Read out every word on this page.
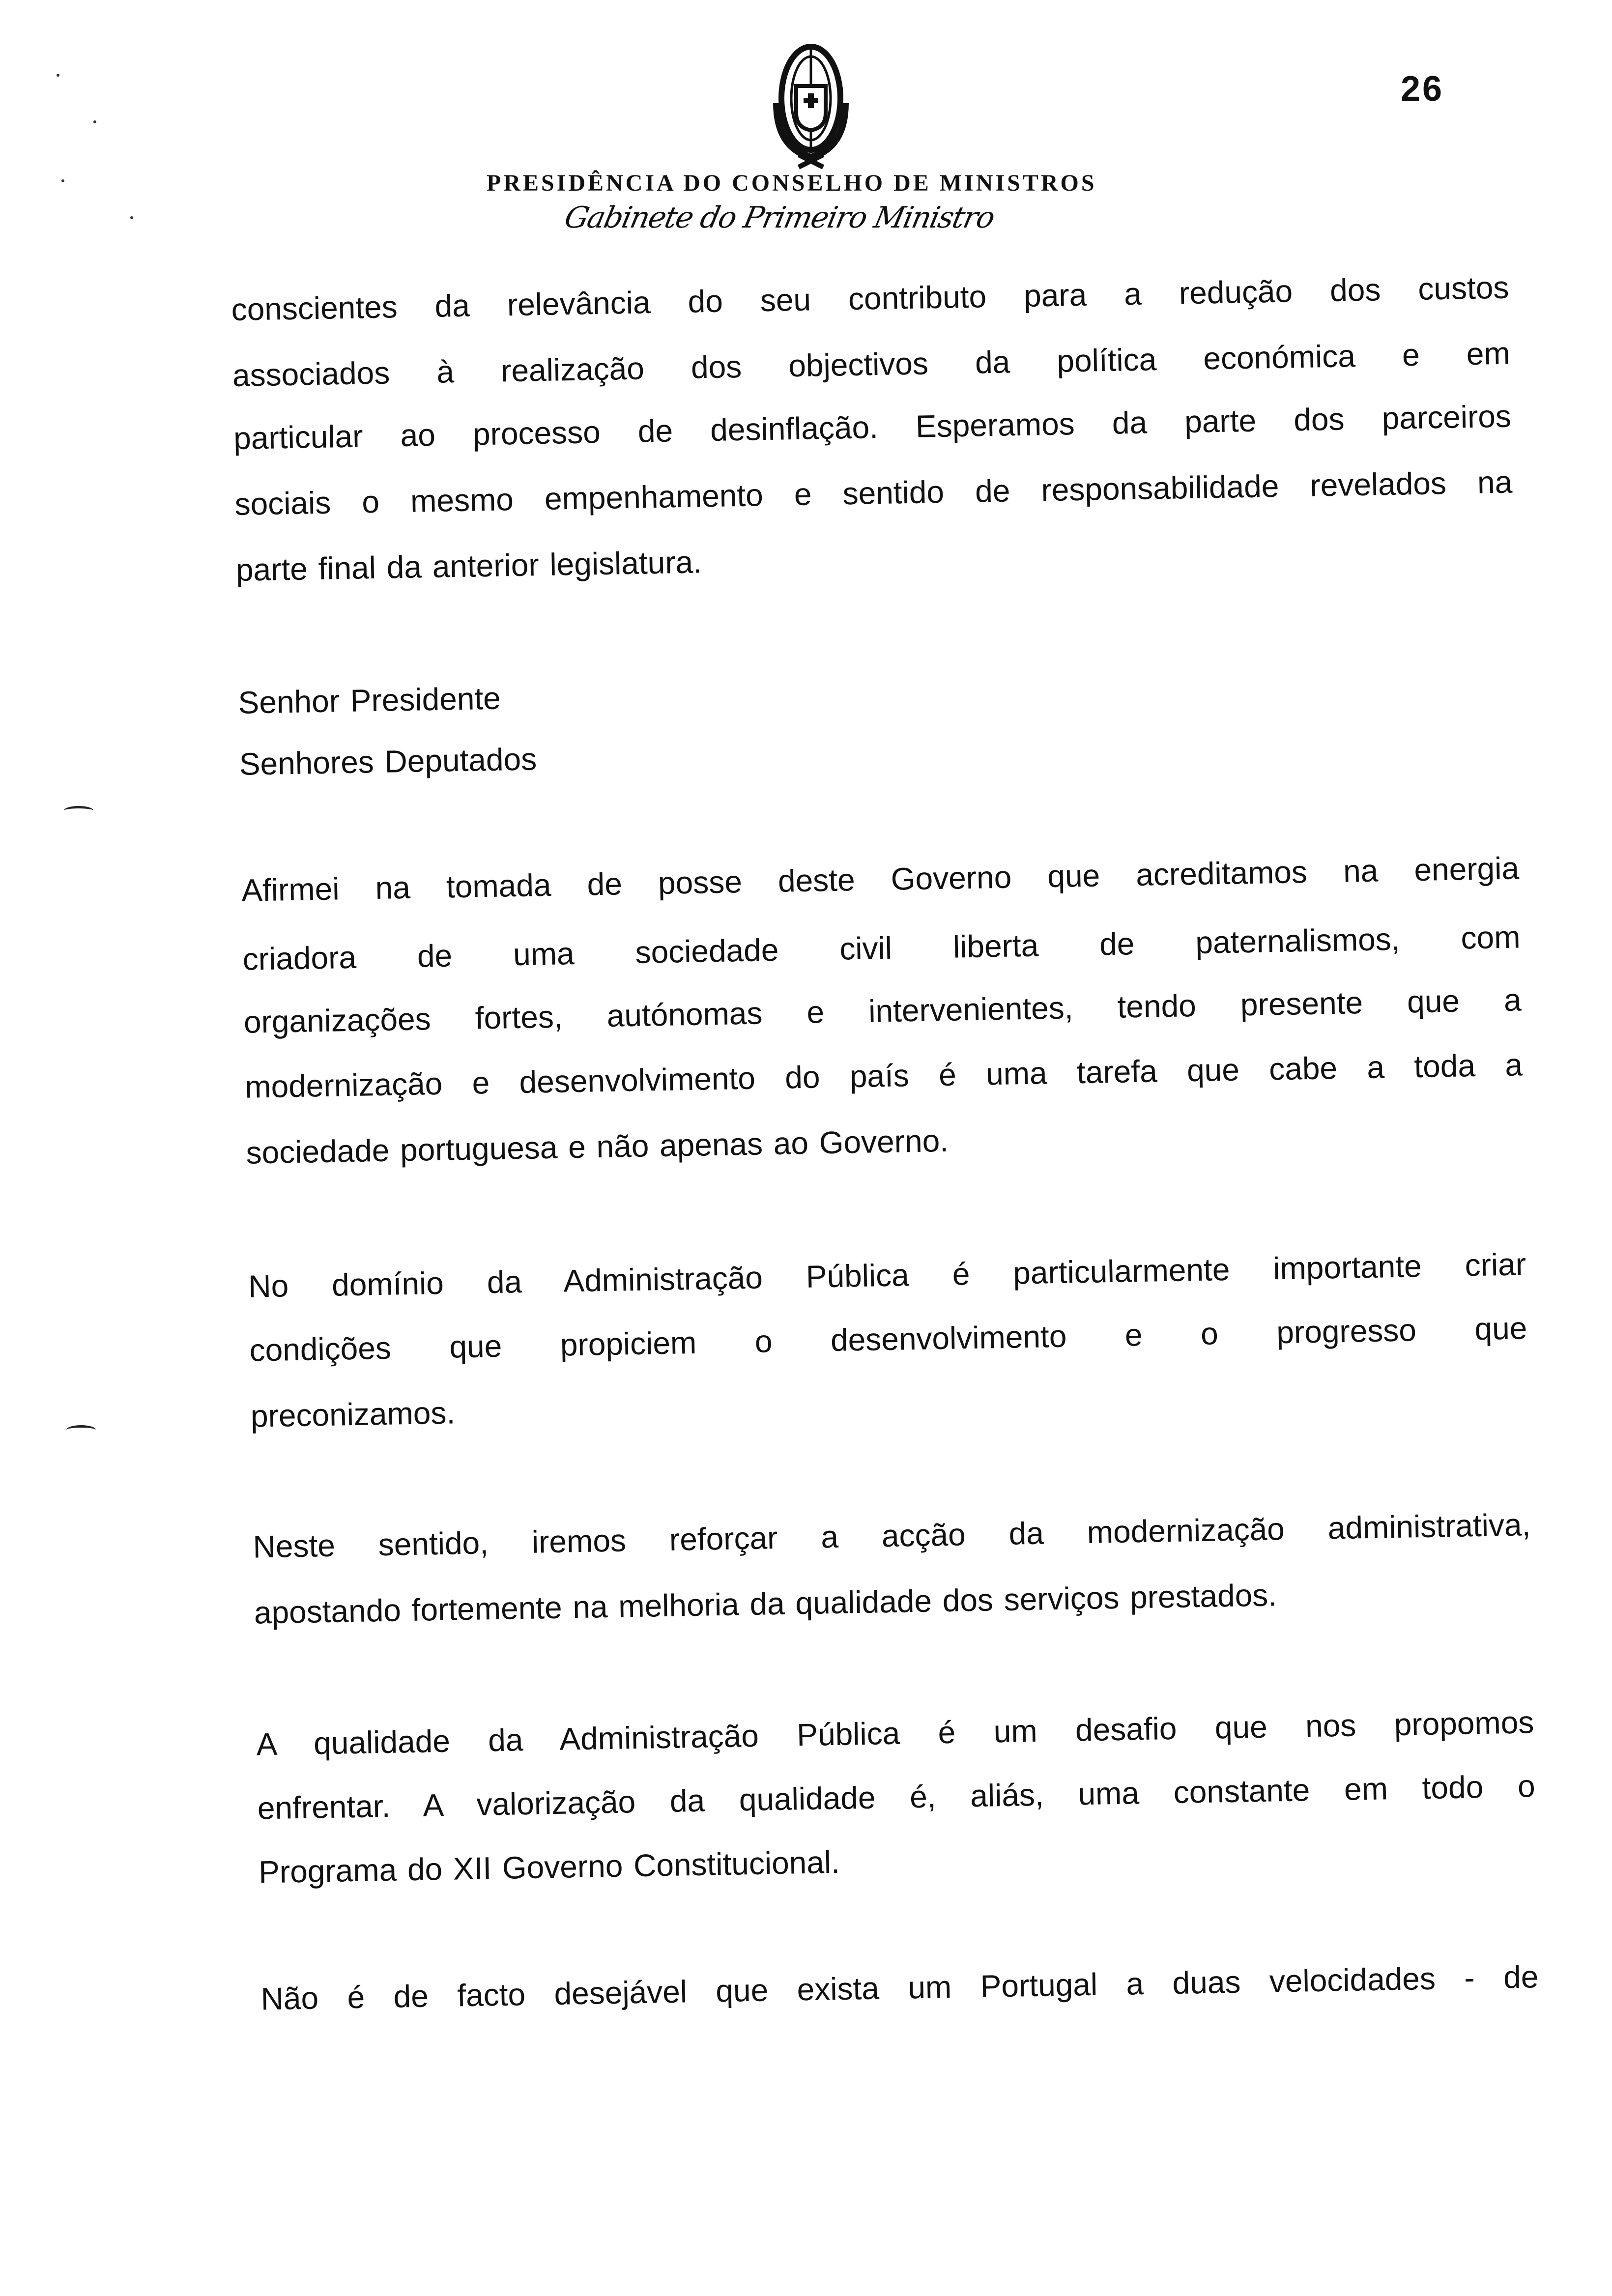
26
PRESIDÊNCIA DO CONSELHO DE MINISTROS
Gabinete do Primeiro Ministro
conscientes da relevância do seu contributo para a redução dos custos
associados à realização dos objectivos da política económica e em
particular ao processo de desinflação. Esperamos da parte dos parceiros
sociais o mesmo empenhamento e sentido de responsabilidade revelados na
parte final da anterior legislatura.
Senhor Presidente
Senhores Deputados
Afirmei na tomada de posse deste Governo que acreditamos na energia
criadora de uma sociedade civil liberta de paternalismos, com
organizações fortes, autónomas e intervenientes, tendo presente que a
modernização e desenvolvimento do país é uma tarefa que cabe a toda a
sociedade portuguesa e não apenas ao Governo.
No domínio da Administração Pública é particularmente importante criar
condições que propiciem o desenvolvimento e o progresso que
preconizamos.
Neste sentido, iremos reforçar a acção da modernização administrativa,
apostando fortemente na melhoria da qualidade dos serviços prestados.
A qualidade da Administração Pública é um desafio que nos propomos
enfrentar. A valorização da qualidade é, aliás, uma constante em todo o
Programa do XII Governo Constitucional.
Não é de facto desejável que exista um Portugal a duas velocidades - de
